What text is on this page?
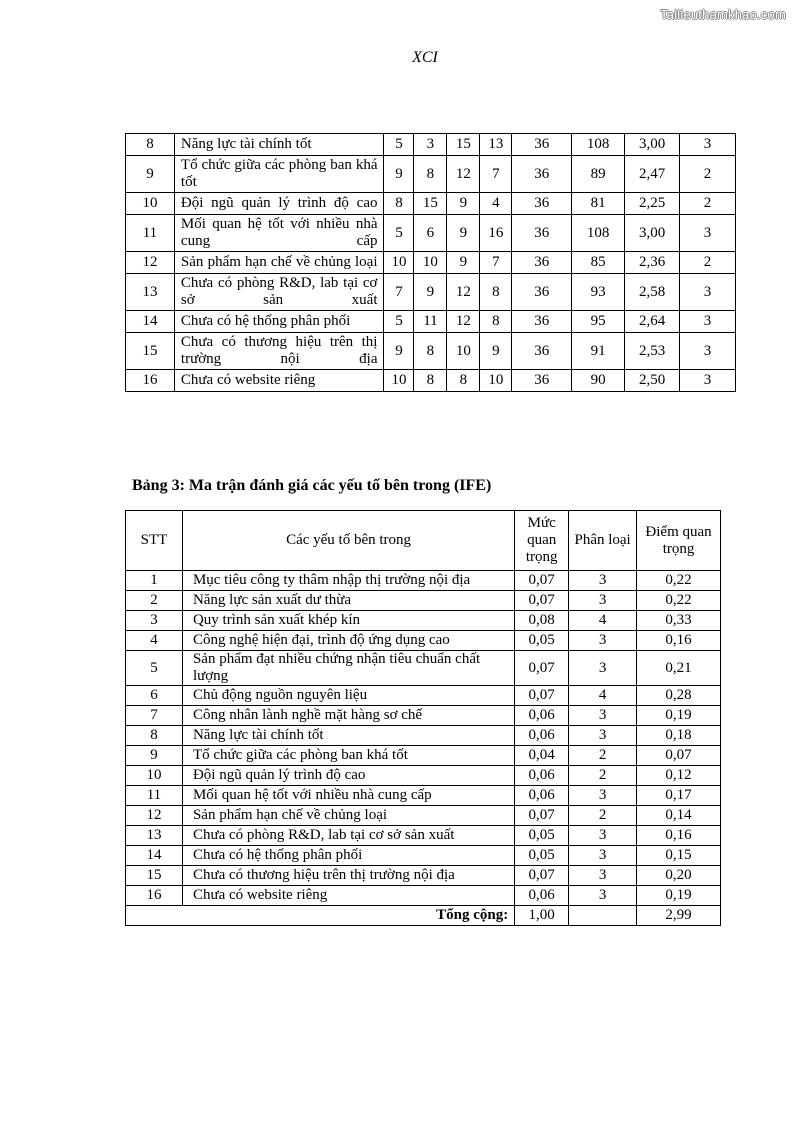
Tailieuthamkhao.com
XCI
8	Năng lực tài chính tốt	5	3	15	13	36	108	3,00	3
9	Tổ chức giữa các phòng ban khá tốt	9	8	12	7	36	89	2,47	2
10	Đội ngũ quản lý trình độ cao	8	15	9	4	36	81	2,25	2
11	Mối quan hệ tốt với nhiều nhà cung cấp	5	6	9	16	36	108	3,00	3
12	Sản phẩm hạn chế về chủng loại	10	10	9	7	36	85	2,36	2
13	Chưa có phòng R&D, lab tại cơ sở sản xuất	7	9	12	8	36	93	2,58	3
14	Chưa có hệ thống phân phối	5	11	12	8	36	95	2,64	3
15	Chưa có thương hiệu trên thị trường nội địa	9	8	10	9	36	91	2,53	3
16	Chưa có website riêng	10	8	8	10	36	90	2,50	3
Bảng 3: Ma trận đánh giá các yếu tố bên trong (IFE)
STT	Các yếu tố bên trong	Mức quan trọng	Phân loại	Điểm quan trọng
1	Mục tiêu công ty thâm nhập thị trường nội địa	0,07	3	0,22
2	Năng lực sản xuất dư thừa	0,07	3	0,22
3	Quy trình sản xuất khép kín	0,08	4	0,33
4	Công nghệ hiện đại, trình độ ứng dụng cao	0,05	3	0,16
5	Sản phẩm đạt nhiều chứng nhận tiêu chuẩn chất lượng	0,07	3	0,21
6	Chủ động nguồn nguyên liệu	0,07	4	0,28
7	Công nhân lành nghề mặt hàng sơ chế	0,06	3	0,19
8	Năng lực tài chính tốt	0,06	3	0,18
9	Tổ chức giữa các phòng ban khá tốt	0,04	2	0,07
10	Đội ngũ quản lý trình độ cao	0,06	2	0,12
11	Mối quan hệ tốt với nhiều nhà cung cấp	0,06	3	0,17
12	Sản phẩm hạn chế về chủng loại	0,07	2	0,14
13	Chưa có phòng R&D, lab tại cơ sở sản xuất	0,05	3	0,16
14	Chưa có hệ thống phân phối	0,05	3	0,15
15	Chưa có thương hiệu trên thị trường nội địa	0,07	3	0,20
16	Chưa có website riêng	0,06	3	0,19
Tổng cộng:		1,00		2,99
